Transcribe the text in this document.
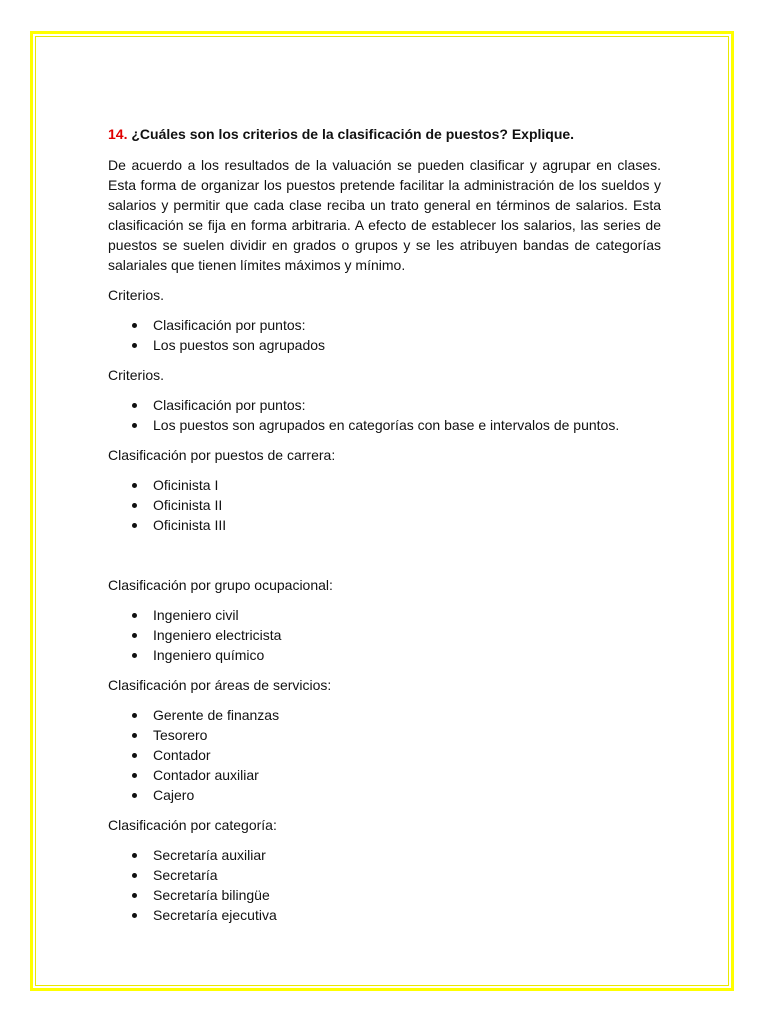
14. ¿Cuáles son los criterios de la clasificación de puestos? Explique.

De acuerdo a los resultados de la valuación se pueden clasificar y agrupar en clases. Esta forma de organizar los puestos pretende facilitar la administración de los sueldos y salarios y permitir que cada clase reciba un trato general en términos de salarios. Esta clasificación se fija en forma arbitraria. A efecto de establecer los salarios, las series de puestos se suelen dividir en grados o grupos y se les atribuyen bandas de categorías salariales que tienen límites máximos y mínimo.

Criterios.

Clasificación por puntos:
Los puestos son agrupados

Criterios.

Clasificación por puntos:
Los puestos son agrupados en categorías con base e intervalos de puntos.

Clasificación por puestos de carrera:

Oficinista I
Oficinista II
Oficinista III

Clasificación por grupo ocupacional:

Ingeniero civil
Ingeniero electricista
Ingeniero químico

Clasificación por áreas de servicios:

Gerente de finanzas
Tesorero
Contador
Contador auxiliar
Cajero

Clasificación por categoría:

Secretaría auxiliar
Secretaría
Secretaría bilingüe
Secretaría ejecutiva
